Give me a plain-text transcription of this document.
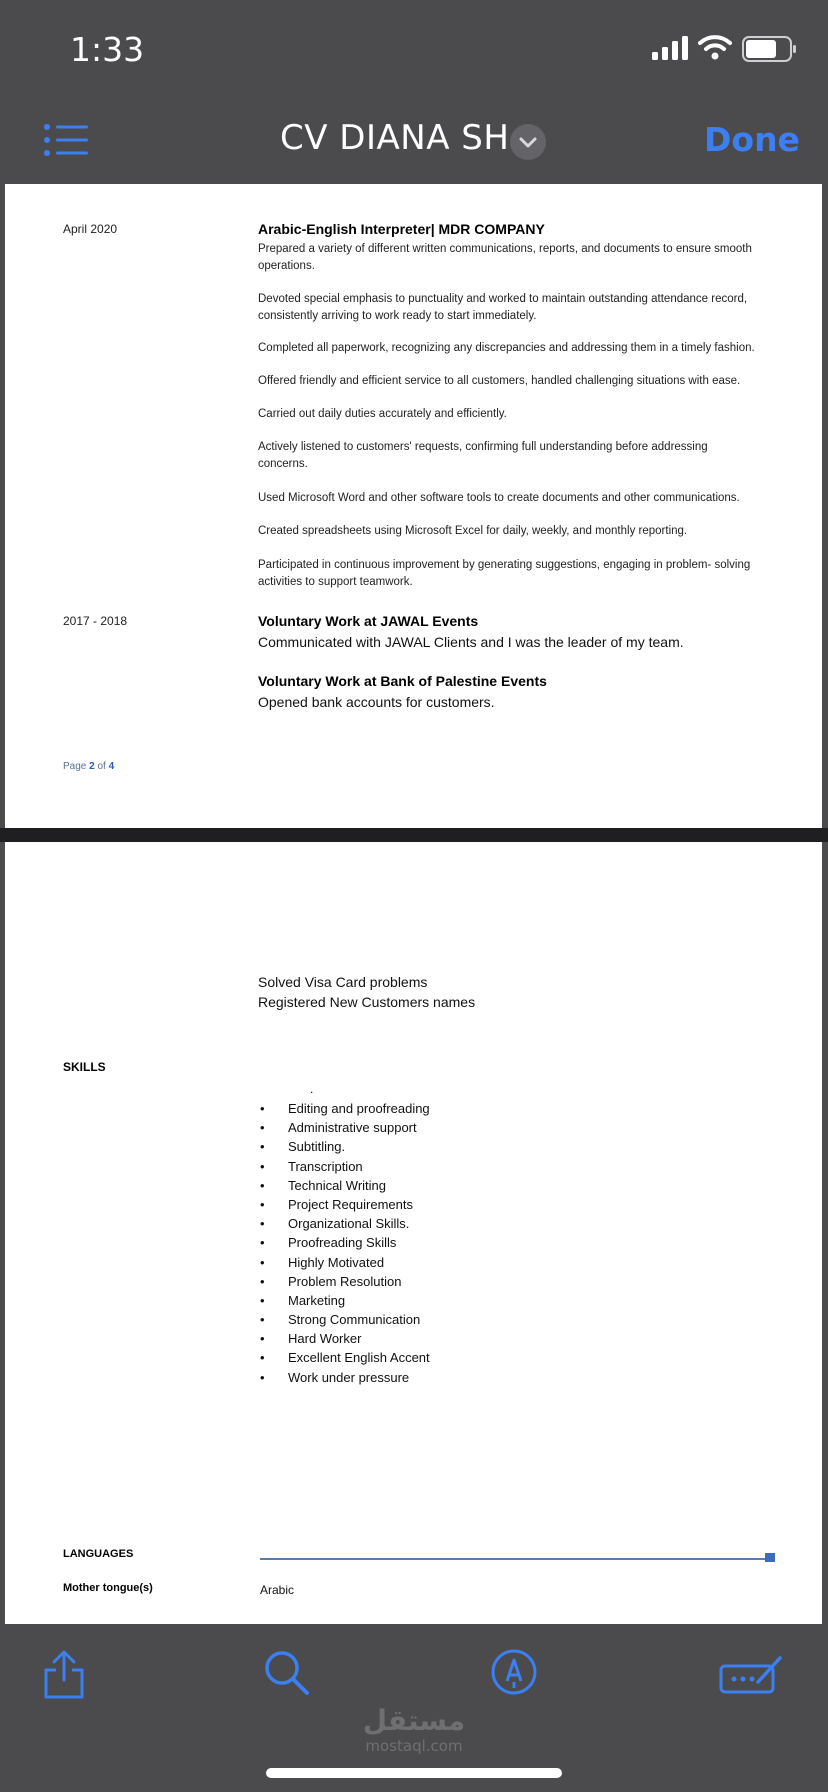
1:33
CV DIANA SH	Done
April 2020	Arabic-English Interpreter| MDR COMPANY
Prepared a variety of different written communications, reports, and documents to ensure smooth operations.
Devoted special emphasis to punctuality and worked to maintain outstanding attendance record, consistently arriving to work ready to start immediately.
Completed all paperwork, recognizing any discrepancies and addressing them in a timely fashion.
Offered friendly and efficient service to all customers, handled challenging situations with ease.
Carried out daily duties accurately and efficiently.
Actively listened to customers' requests, confirming full understanding before addressing concerns.
Used Microsoft Word and other software tools to create documents and other communications.
Created spreadsheets using Microsoft Excel for daily, weekly, and monthly reporting.
Participated in continuous improvement by generating suggestions, engaging in problem- solving activities to support teamwork.
2017 - 2018	Voluntary Work at JAWAL Events
Communicated with JAWAL Clients and I was the leader of my team.
Voluntary Work at Bank of Palestine Events
Opened bank accounts for customers.
Page 2 of 4
Solved Visa Card problems
Registered New Customers names
SKILLS
.
• Editing and proofreading
• Administrative support
• Subtitling.
• Transcription
• Technical Writing
• Project Requirements
• Organizational Skills.
• Proofreading Skills
• Highly Motivated
• Problem Resolution
• Marketing
• Strong Communication
• Hard Worker
• Excellent English Accent
• Work under pressure
LANGUAGES
Mother tongue(s)	Arabic
مستقل
mostaql.com
